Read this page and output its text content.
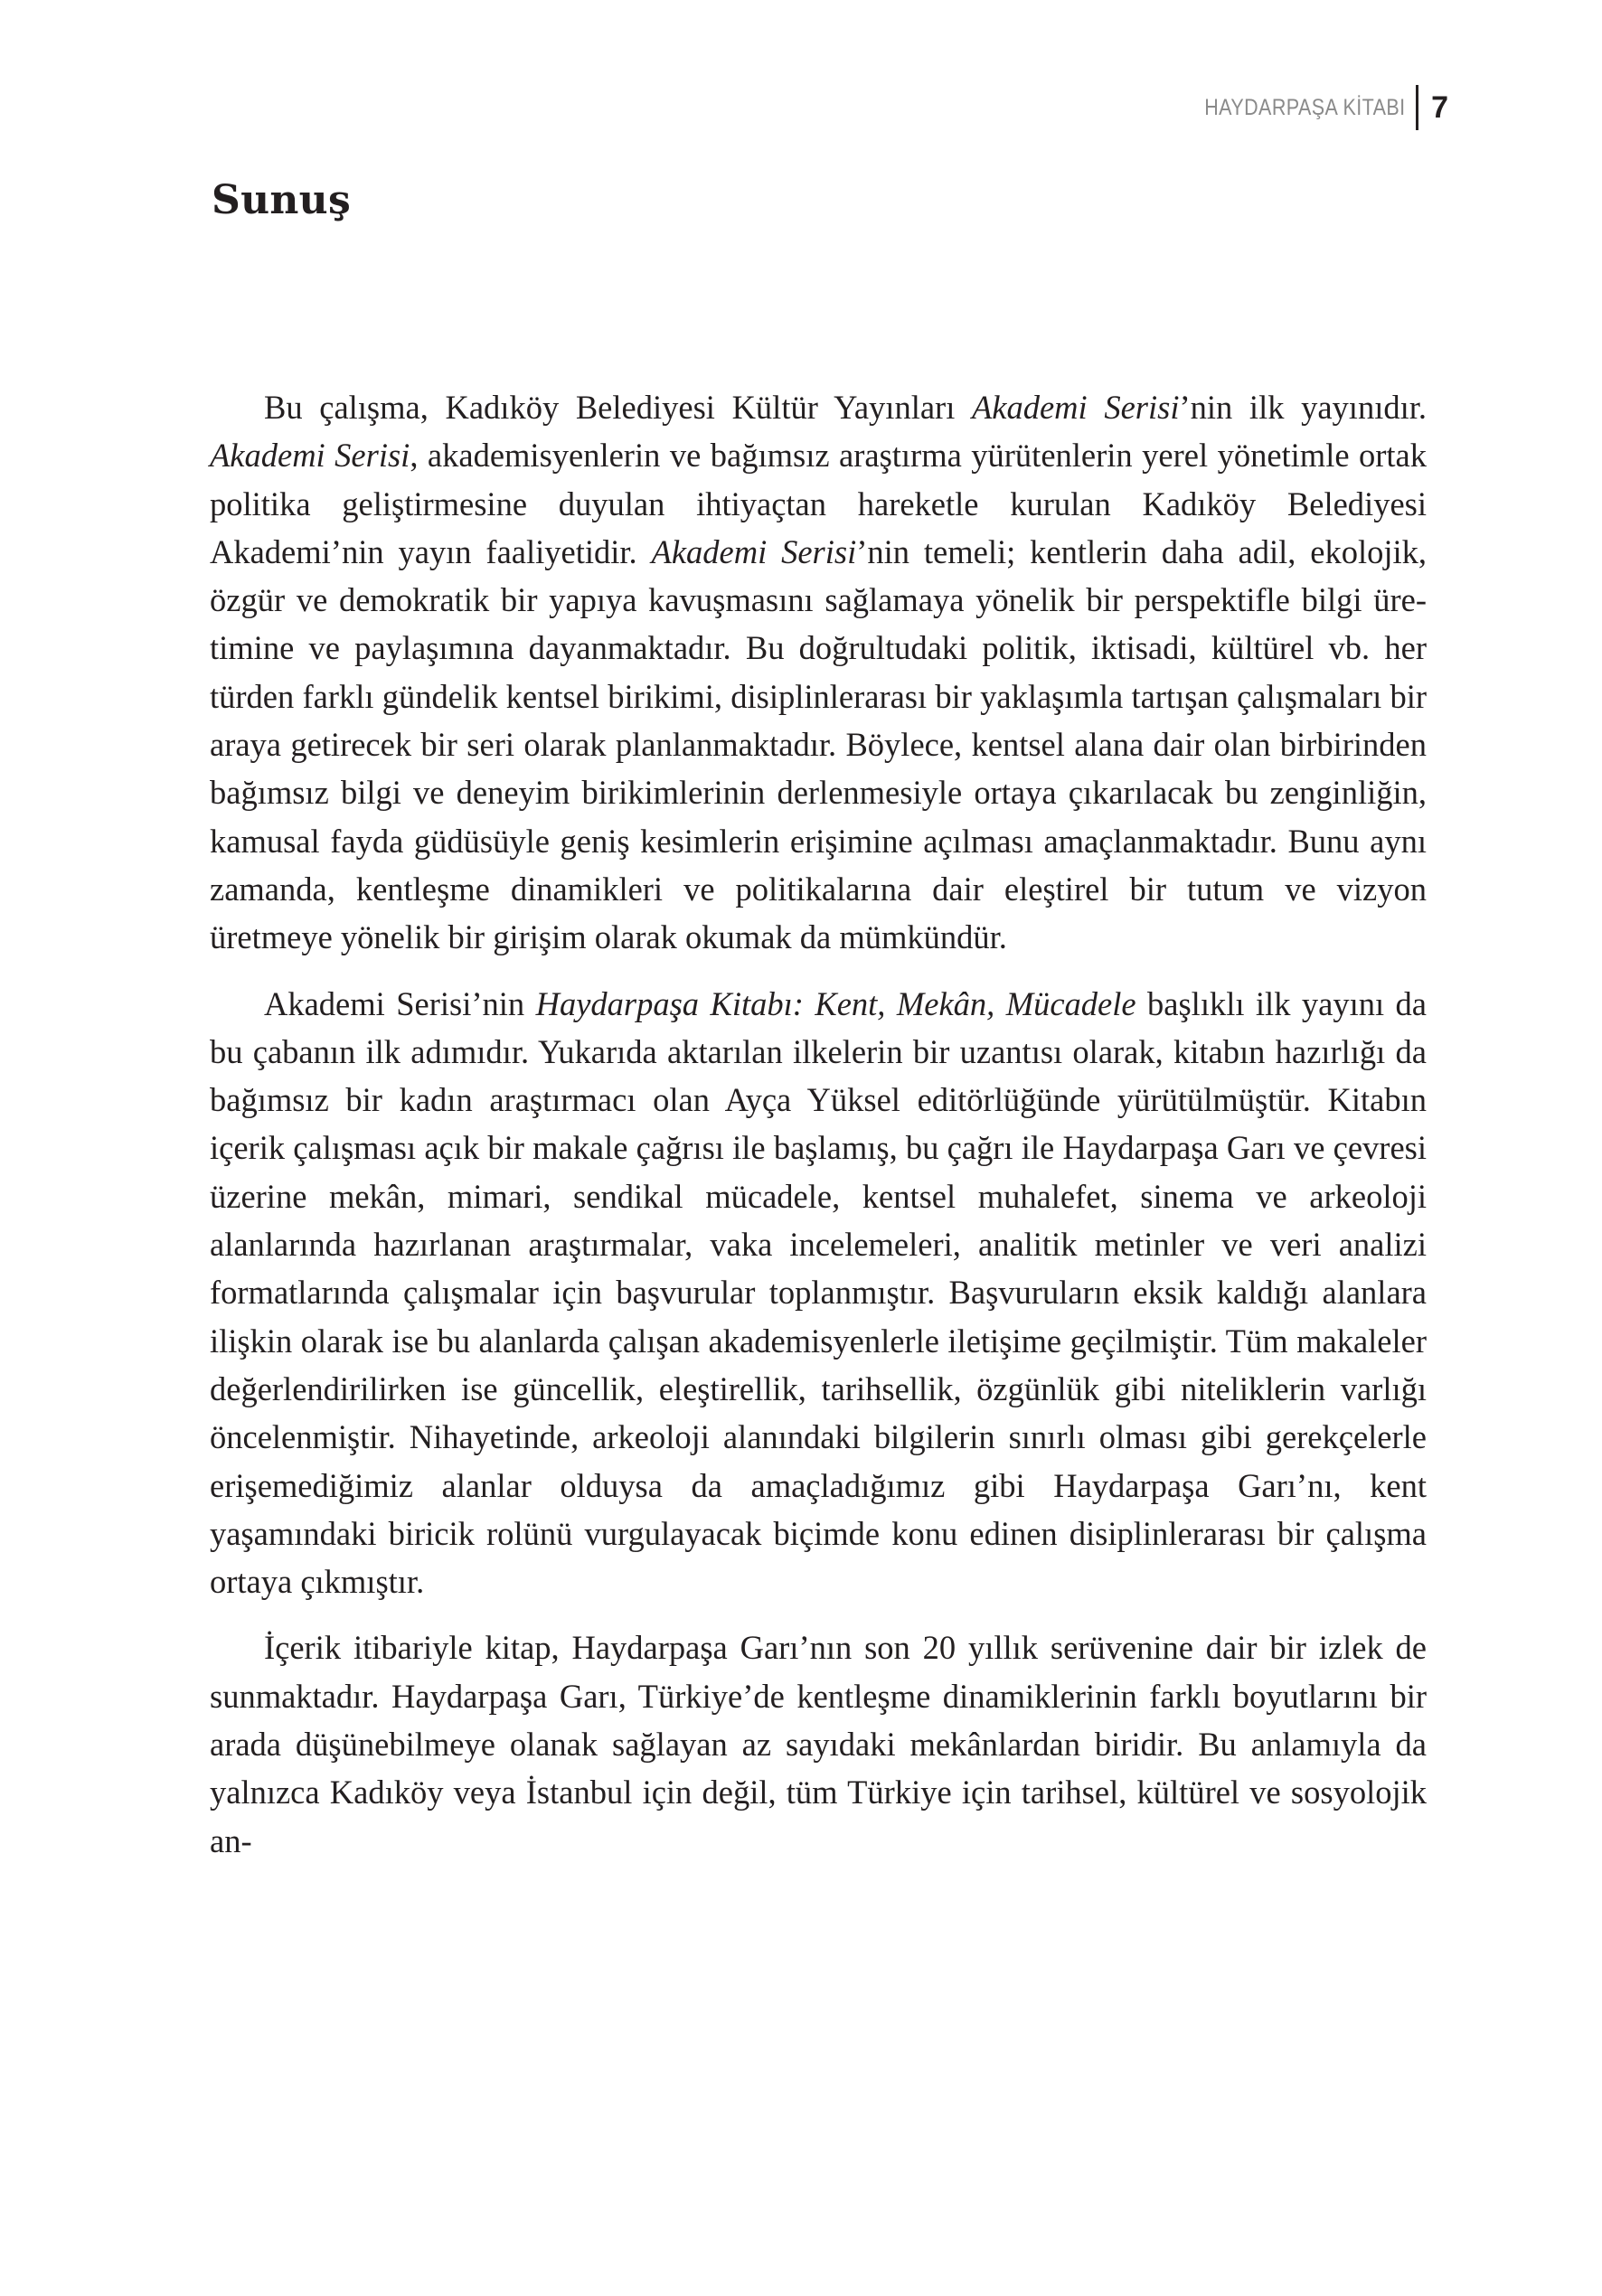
HAYDARPAŞA KİTABI 7
Sunuş

Bu çalışma, Kadıköy Belediyesi Kültür Yayınları Akademi Serisi’nin ilk yayınıdır. Akademi Serisi, akademisyenlerin ve bağımsız araştırma yürütenlerin yerel yönetimle ortak politika geliştirmesine duyulan ihtiyaçtan hareketle kurulan Kadıköy Belediyesi Akademi’nin yayın faaliyetidir. Akademi Serisi’nin temeli; kentlerin daha adil, ekolojik, özgür ve demokratik bir yapıya kavuşmasını sağlamaya yönelik bir perspektifle bilgi üretimine ve paylaşımına dayanmaktadır. Bu doğrultudaki politik, iktisadi, kültürel vb. her türden farklı gündelik kentsel birikimi, disiplinlerarası bir yaklaşımla tartışan çalışmaları bir araya getirecek bir seri olarak planlanmaktadır. Böylece, kentsel alana dair olan birbirinden bağımsız bilgi ve deneyim birikimlerinin derlenmesiyle ortaya çıkarılacak bu zenginliğin, kamusal fayda güdüsüyle geniş kesimlerin erişimine açılması amaçlanmaktadır. Bunu aynı zamanda, kentleşme dinamikleri ve politikalarına dair eleştirel bir tutum ve vizyon üretmeye yönelik bir girişim olarak okumak da mümkündür.

Akademi Serisi’nin Haydarpaşa Kitabı: Kent, Mekân, Mücadele başlıklı ilk yayını da bu çabanın ilk adımıdır. Yukarıda aktarılan ilkelerin bir uzantısı olarak, kitabın hazırlığı da bağımsız bir kadın araştırmacı olan Ayça Yüksel editörlüğünde yürütülmüştür. Kitabın içerik çalışması açık bir makale çağrısı ile başlamış, bu çağrı ile Haydarpaşa Garı ve çevresi üzerine mekân, mimari, sendikal mücadele, kentsel muhalefet, sinema ve arkeoloji alanlarında hazırlanan araştırmalar, vaka incelemeleri, analitik metinler ve veri analizi formatlarında çalışmalar için başvurular toplanmıştır. Başvuruların eksik kaldığı alanlara ilişkin olarak ise bu alanlarda çalışan akademisyenlerle iletişime geçilmiştir. Tüm makaleler değerlendirilirken ise güncellik, eleştirellik, tarihsellik, özgünlük gibi niteliklerin varlığı öncelenmiştir. Nihayetinde, arkeoloji alanındaki bilgilerin sınırlı olması gibi gerekçelerle erişemediğimiz alanlar olduysa da amaçladığımız gibi Haydarpaşa Garı’nı, kent yaşamındaki biricik rolünü vurgulayacak biçimde konu edinen disiplinlerarası bir çalışma ortaya çıkmıştır.

İçerik itibariyle kitap, Haydarpaşa Garı’nın son 20 yıllık serüvenine dair bir izlek de sunmaktadır. Haydarpaşa Garı, Türkiye’de kentleşme dinamiklerinin farklı boyutlarını bir arada düşünebilmeye olanak sağlayan az sayıdaki mekânlardan biridir. Bu anlamıyla da yalnızca Kadıköy veya İstanbul için değil, tüm Türkiye için tarihsel, kültürel ve sosyolojik an-
